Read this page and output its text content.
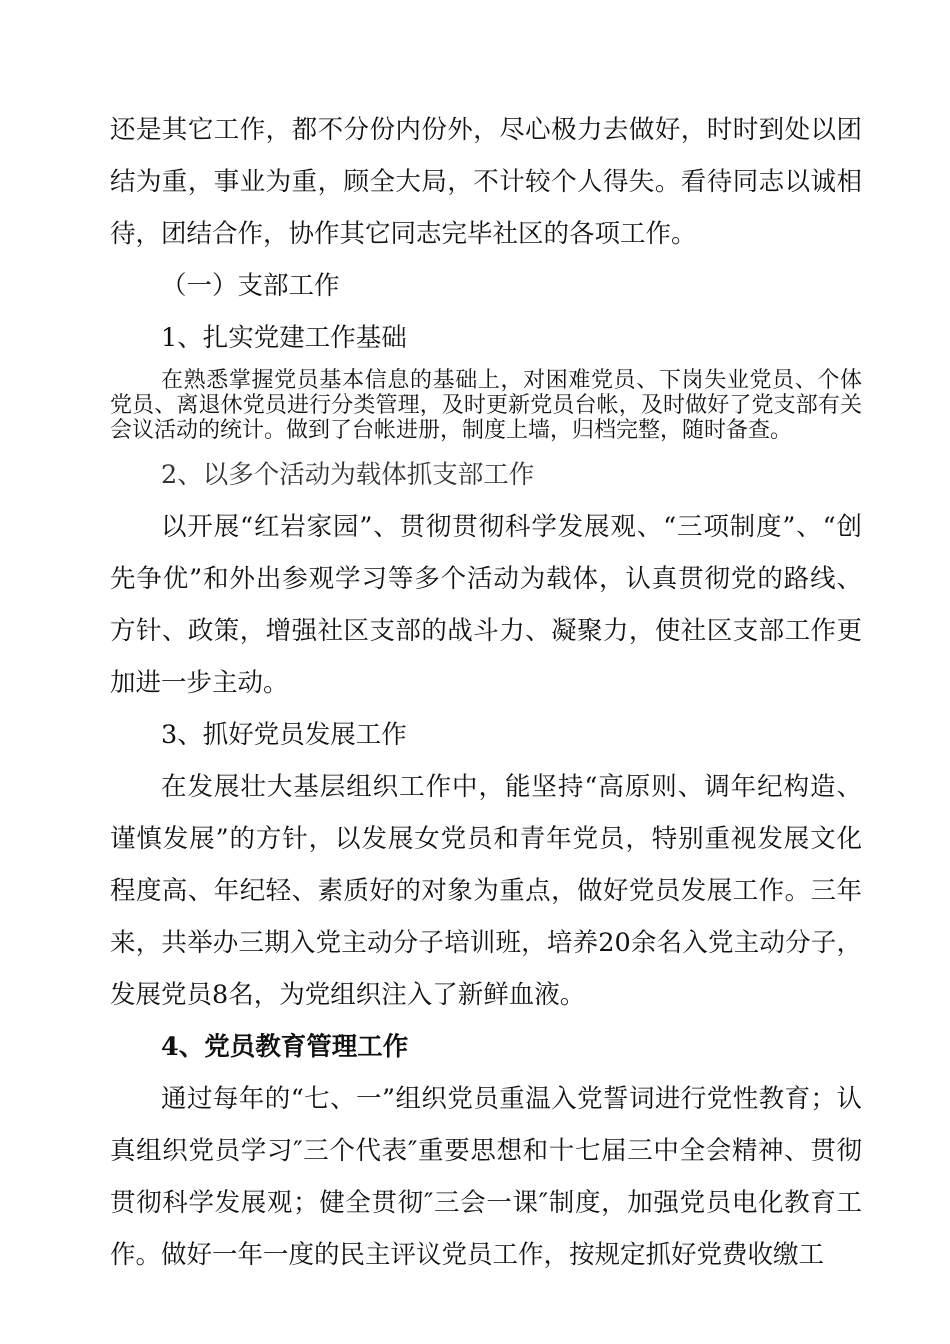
还是其它工作，都不分份内份外，尽心极力去做好，时时到处以团结为重，事业为重，顾全大局，不计较个人得失。看待同志以诚相待，团结合作，协作其它同志完毕社区的各项工作。

（一）支部工作

1、扎实党建工作基础

在熟悉掌握党员基本信息的基础上，对困难党员、下岗失业党员、个体党员、离退休党员进行分类管理，及时更新党员台帐，及时做好了党支部有关会议活动的统计。做到了台帐进册，制度上墙，归档完整，随时备查。

2、以多个活动为载体抓支部工作

以开展“红岩家园”、贯彻贯彻科学发展观、“三项制度”、“创先争优”和外出参观学习等多个活动为载体，认真贯彻党的路线、方针、政策，增强社区支部的战斗力、凝聚力，使社区支部工作更加进一步主动。

3、抓好党员发展工作

在发展壮大基层组织工作中，能坚持“高原则、调年纪构造、谨慎发展”的方针，以发展女党员和青年党员，特别重视发展文化程度高、年纪轻、素质好的对象为重点，做好党员发展工作。三年来，共举办三期入党主动分子培训班，培养20余名入党主动分子，发展党员8名，为党组织注入了新鲜血液。

4、党员教育管理工作

通过每年的“七、一”组织党员重温入党誓词进行党性教育；认真组织党员学习″三个代表″重要思想和十七届三中全会精神、贯彻贯彻科学发展观；健全贯彻″三会一课″制度，加强党员电化教育工作。做好一年一度的民主评议党员工作，按规定抓好党费收缴工
